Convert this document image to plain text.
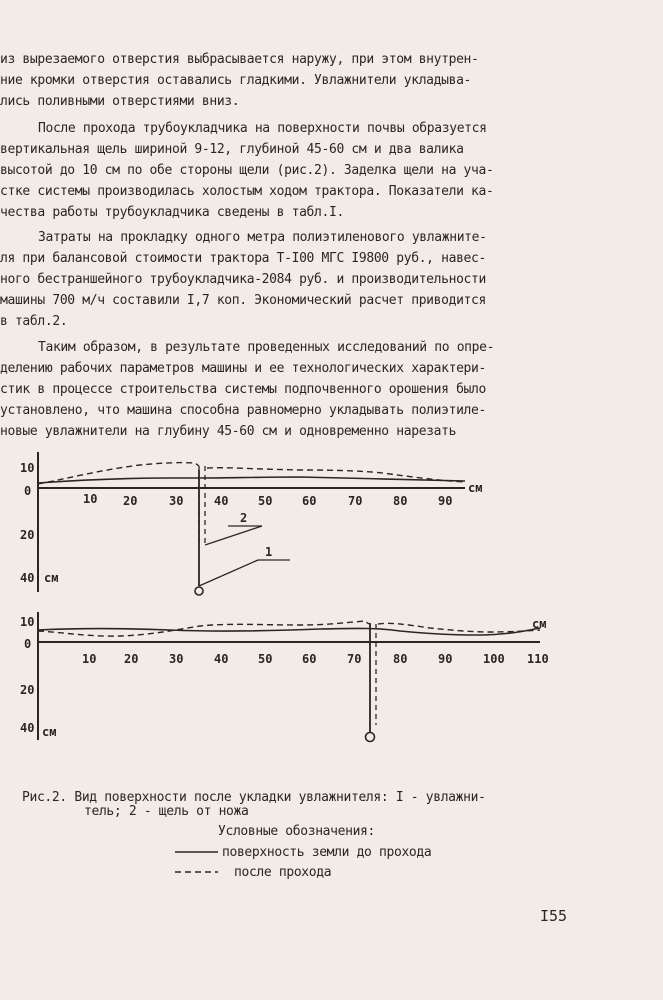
из вырезаемого отверстия выбрасывается наружу, при этом внутрен-
ние кромки отверстия оставались гладкими. Увлажнители укладыва-
лись поливными отверстиями вниз.
После прохода трубоукладчика на поверхности почвы образуется
вертикальная щель шириной 9-12, глубиной 45-60 см и два валика
высотой до 10 см по обе стороны щели (рис.2). Заделка щели на уча-
стке системы производилась холостым ходом трактора. Показатели ка-
чества работы трубоукладчика сведены в табл.I.
Затраты на прокладку одного метра полиэтиленового увлажните-
ля при балансовой стоимости трактора Т-I00 МГС I9800 руб., навес-
ного бестраншейного трубоукладчика-2084 руб. и производительности
машины 700 м/ч составили I,7 коп. Экономический расчет приводится
в табл.2.
Таким образом, в результате проведенных исследований по опре-
делению рабочих параметров машины и ее технологических характери-
стик в процессе строительства системы подпочвенного орошения было
установлено, что машина способна равномерно укладывать полиэтиле-
новые увлажнители на глубину 45-60 см и одновременно нарезать
10
0
20
40 см
10 20	30	40 50 60	70	80	90
см
2
1
10
0
20
40 см
10 20	30	40 50 60	70	80	90	100 110
см
Рис.2. Вид поверхности после укладки увлажнителя: I - увлажни-
тель; 2 - щель от ножа
Условные обозначения:
поверхность земли до прохода
после прохода
I55
